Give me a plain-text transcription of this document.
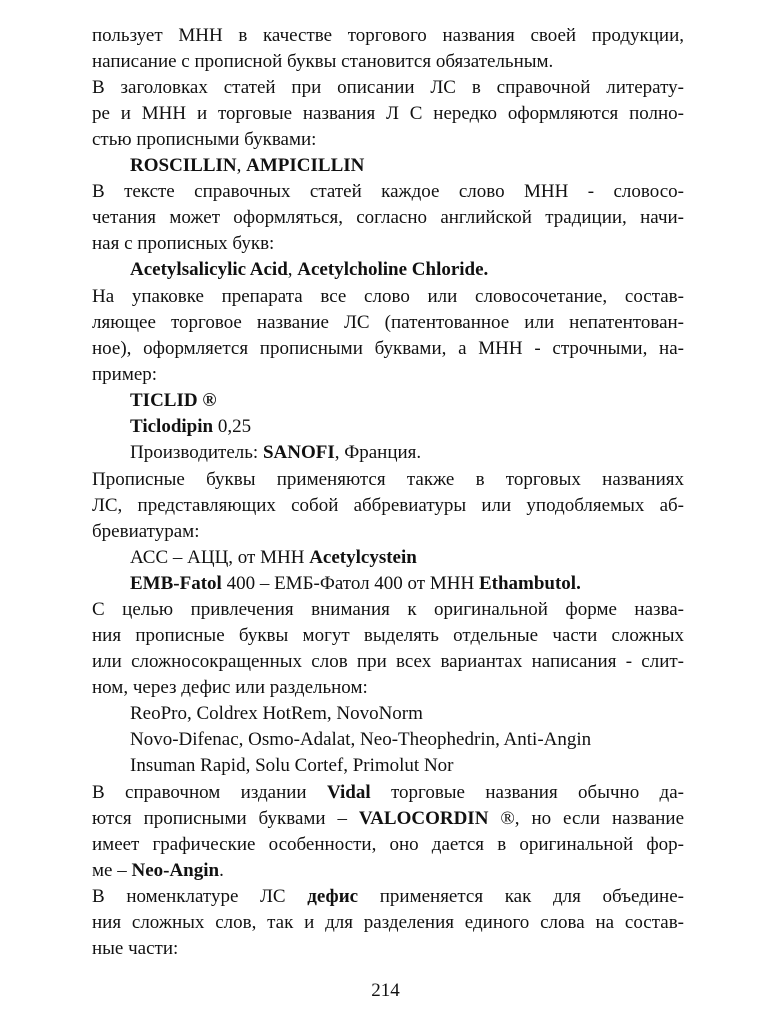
пользует МНН в качестве торгового названия своей продукции,
написание с прописной буквы становится обязательным.
В заголовках статей при описании ЛС в справочной литерату-
ре и МНН и торговые названия Л С нередко оформляются полно-
стью прописными буквами:
ROSCILLIN, AMPICILLIN
В тексте справочных статей каждое слово МНН - словосо-
четания может оформляться, согласно английской традиции, начи-
ная с прописных букв:
Acetylsalicylic Acid, Acetylcholine Chloride.
На упаковке препарата все слово или словосочетание, состав-
ляющее торговое название ЛС (патентованное или непатентован-
ное), оформляется прописными буквами, а МНН - строчными, на-
пример:
TICLID ®
Ticlodipin 0,25
Производитель: SANOFI, Франция.
Прописные буквы применяются также в торговых названиях
ЛС, представляющих собой аббревиатуры или уподобляемых аб-
бревиатурам:
АСС – АЦЦ, от МНН Acetylcystein
EMB-Fatol 400 – ЕМБ-Фатол 400 от МНН Ethambutol.
С целью привлечения внимания к оригинальной форме назва-
ния прописные буквы могут выделять отдельные части сложных
или сложносокращенных слов при всех вариантах написания - слит-
ном, через дефис или раздельном:
ReoPro, Coldrex HotRem, NovoNorm
Novo-Difenac, Osmo-Adalat, Neo-Theophedrin, Anti-Angin
Insuman Rapid, Solu Cortef, Primolut Nor
В справочном издании Vidal торговые названия обычно да-
ются прописными буквами – VALOCORDIN ®, но если название
имеет графические особенности, оно дается в оригинальной фор-
ме – Neo-Angin.
В номенклатуре ЛС дефис применяется как для объедине-
ния сложных слов, так и для разделения единого слова на состав-
ные части:
214
